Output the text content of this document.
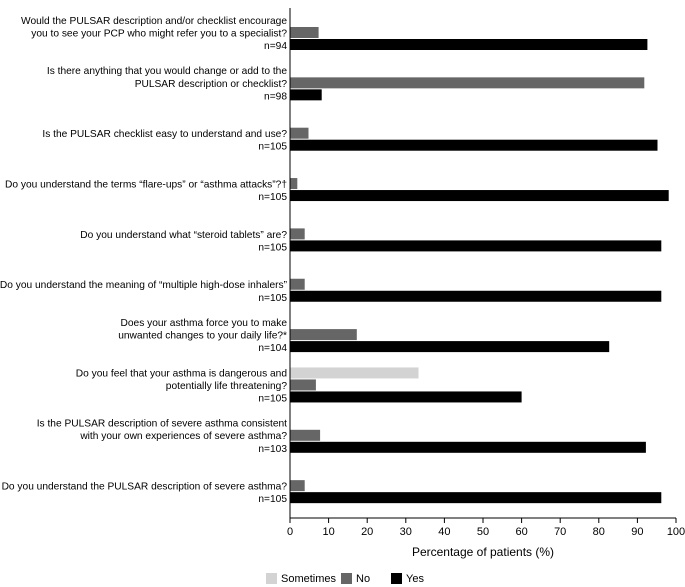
Would the PULSAR description and/or checklist encourage
you to see your PCP who might refer you to a specialist?
n=94
Is there anything that you would change or add to the
PULSAR description or checklist?
n=98
Is the PULSAR checklist easy to understand and use?
n=105
Do you understand the terms “flare-ups” or “asthma attacks”?†
n=105
Do you understand what “steroid tablets” are?
n=105
Do you understand the meaning of “multiple high-dose inhalers”
n=105
Does your asthma force you to make
unwanted changes to your daily life?*
n=104
Do you feel that your asthma is dangerous and
potentially life threatening?
n=105
Is the PULSAR description of severe asthma consistent
with your own experiences of severe asthma?
n=103
Do you understand the PULSAR description of severe asthma?
n=105
0	10 20 30 40 50 60 70 80 90 100
Percentage of patients (%)
Sometimes No	Yes
